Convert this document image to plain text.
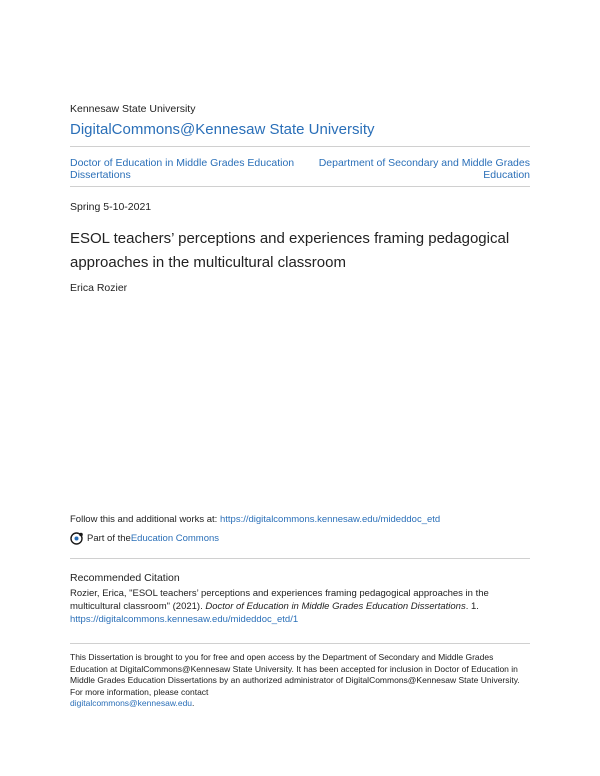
Kennesaw State University
DigitalCommons@Kennesaw State University
Doctor of Education in Middle Grades Education Dissertations
Department of Secondary and Middle Grades Education
Spring 5-10-2021
ESOL teachers’ perceptions and experiences framing pedagogical approaches in the multicultural classroom
Erica Rozier
Follow this and additional works at: https://digitalcommons.kennesaw.edu/mideddoc_etd
Part of the Education Commons
Recommended Citation
Rozier, Erica, "ESOL teachers’ perceptions and experiences framing pedagogical approaches in the multicultural classroom" (2021). Doctor of Education in Middle Grades Education Dissertations. 1.
https://digitalcommons.kennesaw.edu/mideddoc_etd/1
This Dissertation is brought to you for free and open access by the Department of Secondary and Middle Grades Education at DigitalCommons@Kennesaw State University. It has been accepted for inclusion in Doctor of Education in Middle Grades Education Dissertations by an authorized administrator of DigitalCommons@Kennesaw State University. For more information, please contact
digitalcommons@kennesaw.edu.
